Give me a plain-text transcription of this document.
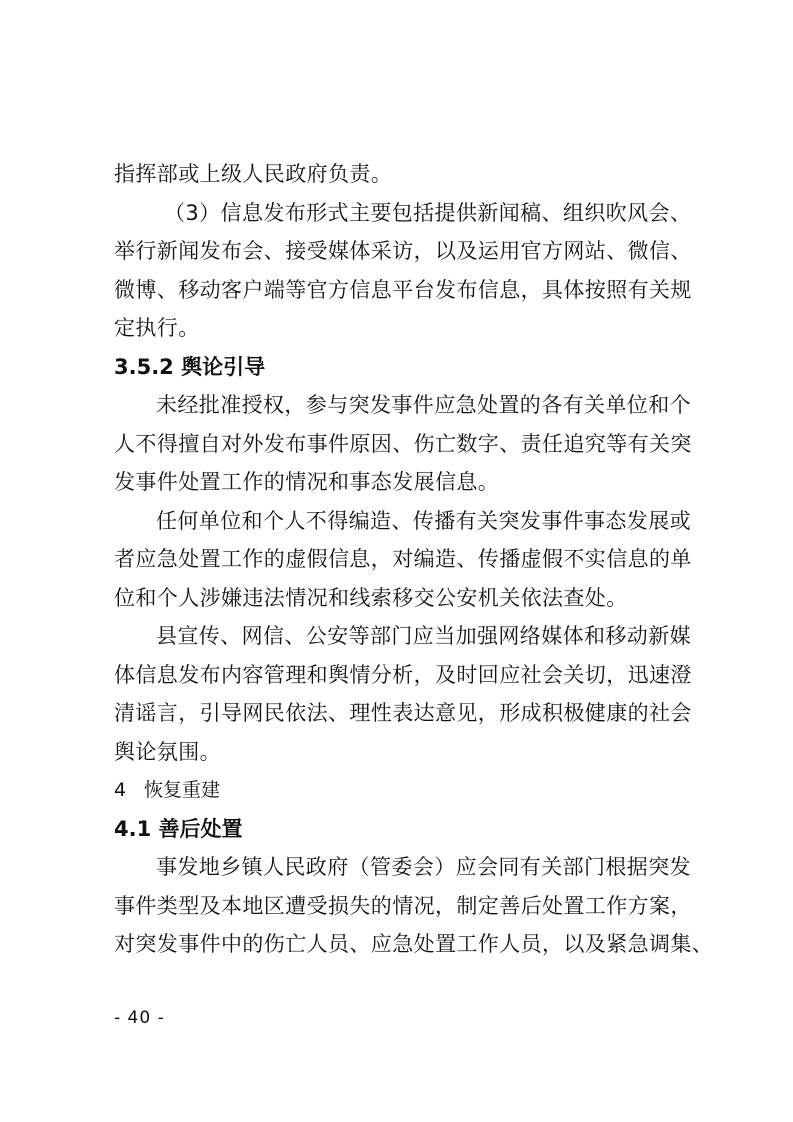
指挥部或上级人民政府负责。
（3）信息发布形式主要包括提供新闻稿、组织吹风会、
举行新闻发布会、接受媒体采访，以及运用官方网站、微信、
微博、移动客户端等官方信息平台发布信息，具体按照有关规
定执行。
3.5.2 舆论引导
未经批准授权，参与突发事件应急处置的各有关单位和个
人不得擅自对外发布事件原因、伤亡数字、责任追究等有关突
发事件处置工作的情况和事态发展信息。
任何单位和个人不得编造、传播有关突发事件事态发展或
者应急处置工作的虚假信息，对编造、传播虚假不实信息的单
位和个人涉嫌违法情况和线索移交公安机关依法查处。
县宣传、网信、公安等部门应当加强网络媒体和移动新媒
体信息发布内容管理和舆情分析，及时回应社会关切，迅速澄
清谣言，引导网民依法、理性表达意见，形成积极健康的社会
舆论氛围。
4 恢复重建
4.1 善后处置
事发地乡镇人民政府（管委会）应会同有关部门根据突发
事件类型及本地区遭受损失的情况，制定善后处置工作方案，
对突发事件中的伤亡人员、应急处置工作人员，以及紧急调集、
- 40 -
